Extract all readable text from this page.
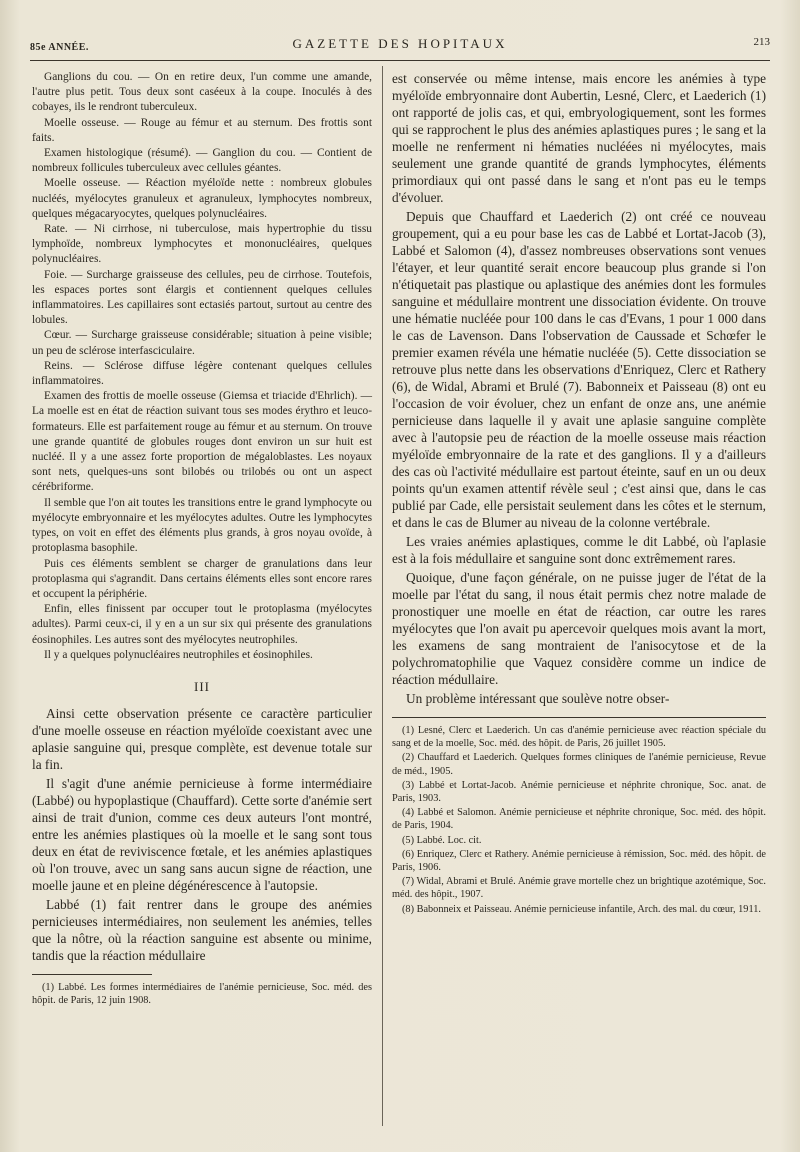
85e ANNÉE.	GAZETTE DES HOPITAUX	213

Ganglions du cou. — On en retire deux, l'un comme une amande, l'autre plus petit. Tous deux sont caséeux à la coupe. Inoculés à des cobayes, ils le rendront tuberculeux.

Moelle osseuse. — Rouge au fémur et au sternum. Des frottis sont faits.

Examen histologique (résumé). — Ganglion du cou. — Contient de nombreux follicules tuberculeux avec cellules géantes.

Moelle osseuse. — Réaction myéloïde nette : nombreux globules nucléés, myélocytes granuleux et agranuleux, lymphocytes nombreux, quelques mégacaryocytes, quelques polynucléaires.

Rate. — Ni cirrhose, ni tuberculose, mais hypertrophie du tissu lymphoïde, nombreux lymphocytes et mononucléaires, quelques polynucléaires.

Foie. — Surcharge graisseuse des cellules, peu de cirrhose. Toutefois, les espaces portes sont élargis et contiennent quelques cellules inflammatoires. Les capillaires sont ectasiés partout, surtout au centre des lobules.

Cœur. — Surcharge graisseuse considérable; situation à peine visible; un peu de sclérose interfasciculaire.

Reins. — Sclérose diffuse légère contenant quelques cellules inflammatoires.

Examen des frottis de moelle osseuse (Giemsa et triacide d'Ehrlich). — La moelle est en état de réaction suivant tous ses modes érythro et leuco-formateurs. Elle est parfaitement rouge au fémur et au sternum. On trouve une grande quantité de globules rouges dont environ un sur huit est nucléé. Il y a une assez forte proportion de mégaloblastes. Les noyaux sont nets, quelques-uns sont bilobés ou trilobés ou ont un aspect cérébriforme.

Il semble que l'on ait toutes les transitions entre le grand lymphocyte ou myélocyte embryonnaire et les myélocytes adultes. Outre les lymphocytes types, on voit en effet des éléments plus grands, à gros noyau ovoïde, à protoplasma basophile.

Puis ces éléments semblent se charger de granulations dans leur protoplasma qui s'agrandit. Dans certains éléments elles sont encore rares et occupent la périphérie.

Enfin, elles finissent par occuper tout le protoplasma (myélocytes adultes). Parmi ceux-ci, il y en a un sur six qui présente des granulations éosinophiles. Les autres sont des myélocytes neutrophiles.

Il y a quelques polynucléaires neutrophiles et éosinophiles.

III

Ainsi cette observation présente ce caractère particulier d'une moelle osseuse en réaction myéloïde coexistant avec une aplasie sanguine qui, presque complète, est devenue totale sur la fin.

Il s'agit d'une anémie pernicieuse à forme intermédiaire (Labbé) ou hypoplastique (Chauffard). Cette sorte d'anémie sert ainsi de trait d'union, comme ces deux auteurs l'ont montré, entre les anémies plastiques où la moelle et le sang sont tous deux en état de reviviscence fœtale, et les anémies aplastiques où l'on trouve, avec un sang sans aucun signe de réaction, une moelle jaune et en pleine dégénérescence à l'autopsie.

Labbé (1) fait rentrer dans le groupe des anémies pernicieuses intermédiaires, non seulement les anémies, telles que la nôtre, où la réaction sanguine est absente ou minime, tandis que la réaction médullaire

(1) Labbé. Les formes intermédiaires de l'anémie pernicieuse, Soc. méd. des hôpit. de Paris, 12 juin 1908.

est conservée ou même intense, mais encore les anémies à type myéloïde embryonnaire dont Aubertin, Lesné, Clerc, et Laederich (1) ont rapporté de jolis cas, et qui, embryologiquement, sont les formes qui se rapprochent le plus des anémies aplastiques pures ; le sang et la moelle ne renferment ni hématies nucléées ni myélocytes, mais seulement une grande quantité de grands lymphocytes, éléments primordiaux qui ont passé dans le sang et n'ont pas eu le temps d'évoluer.

Depuis que Chauffard et Laederich (2) ont créé ce nouveau groupement, qui a eu pour base les cas de Labbé et Lortat-Jacob (3), Labbé et Salomon (4), d'assez nombreuses observations sont venues l'étayer, et leur quantité serait encore beaucoup plus grande si l'on n'étiquetait pas plastique ou aplastique des anémies dont les formules sanguine et médullaire montrent une dissociation évidente. On trouve une hématie nucléée pour 100 dans le cas d'Evans, 1 pour 1 000 dans le cas de Lavenson. Dans l'observation de Caussade et Schœfer le premier examen révéla une hématie nucléée (5). Cette dissociation se retrouve plus nette dans les observations d'Enriquez, Clerc et Rathery (6), de Widal, Abrami et Brulé (7). Babonneix et Paisseau (8) ont eu l'occasion de voir évoluer, chez un enfant de onze ans, une anémie pernicieuse dans laquelle il y avait une aplasie sanguine complète avec à l'autopsie peu de réaction de la moelle osseuse mais réaction myéloïde embryonnaire de la rate et des ganglions. Il y a d'ailleurs des cas où l'activité médullaire est partout éteinte, sauf en un ou deux points qu'un examen attentif révèle seul ; c'est ainsi que, dans le cas publié par Cade, elle persistait seulement dans les côtes et le sternum, et dans le cas de Blumer au niveau de la colonne vertébrale.

Les vraies anémies aplastiques, comme le dit Labbé, où l'aplasie est à la fois médullaire et sanguine sont donc extrêmement rares.

Quoique, d'une façon générale, on ne puisse juger de l'état de la moelle par l'état du sang, il nous était permis chez notre malade de pronostiquer une moelle en état de réaction, car outre les rares myélocytes que l'on avait pu apercevoir quelques mois avant la mort, les examens de sang montraient de l'anisocytose et de la polychromatophilie que Vaquez considère comme un indice de réaction médullaire.

Un problème intéressant que soulève notre obser-

(1) Lesné, Clerc et Laederich. Un cas d'anémie pernicieuse avec réaction spéciale du sang et de la moelle, Soc. méd. des hôpit. de Paris, 26 juillet 1905.

(2) Chauffard et Laederich. Quelques formes cliniques de l'anémie pernicieuse, Revue de méd., 1905.

(3) Labbé et Lortat-Jacob. Anémie pernicieuse et néphrite chronique, Soc. anat. de Paris, 1903.

(4) Labbé et Salomon. Anémie pernicieuse et néphrite chronique, Soc. méd. des hôpit. de Paris, 1904.

(5) Labbé. Loc. cit.

(6) Enriquez, Clerc et Rathery. Anémie pernicieuse à rémission, Soc. méd. des hôpit. de Paris, 1906.

(7) Widal, Abrami et Brulé. Anémie grave mortelle chez un brightique azotémique, Soc. méd. des hôpit., 1907.

(8) Babonneix et Paisseau. Anémie pernicieuse infantile, Arch. des mal. du cœur, 1911.
